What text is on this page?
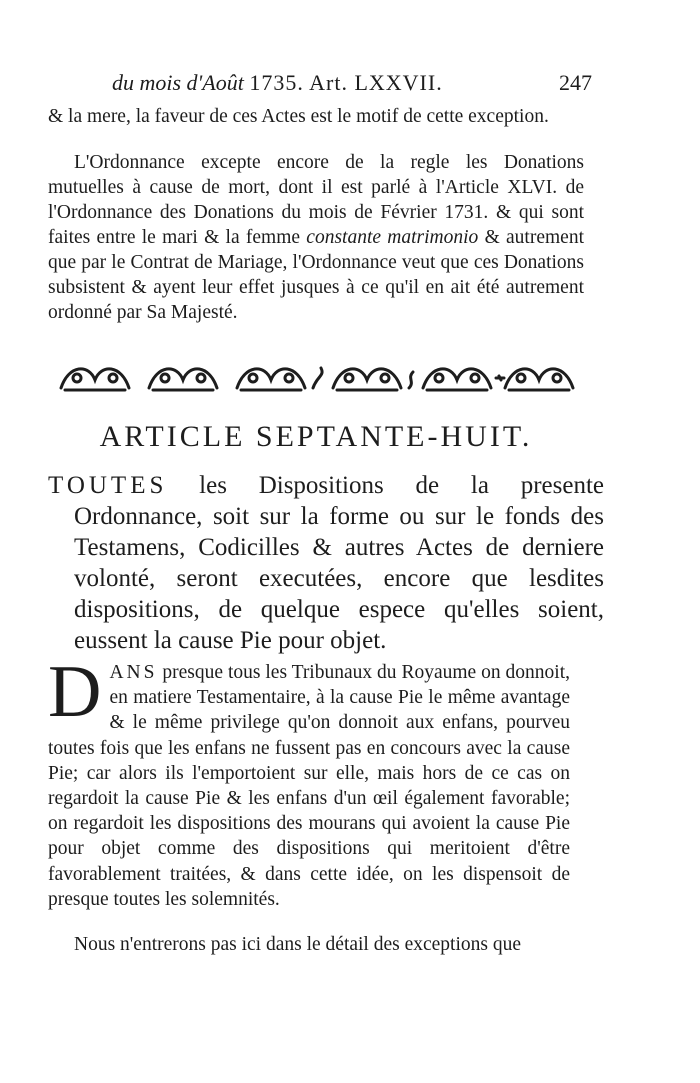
du mois d'Août 1735. Art. LXXVII.	247
& la mere, la faveur de ces Actes est le motif de cette exception.
L'Ordonnance excepte encore de la regle les Donations mutuelles à cause de mort, dont il est parlé à l'Article XLVI. de l'Ordonnance des Donations du mois de Février 1731. & qui sont faites entre le mari & la femme constante matrimonio & autrement que par le Contrat de Mariage, l'Ordonnance veut que ces Donations subsistent & ayent leur effet jusques à ce qu'il en ait été autrement ordonné par Sa Majesté.
ARTICLE SEPTANTE-HUIT.
TOUTES les Dispositions de la presente Ordonnance, soit sur la forme ou sur le fonds des Testamens, Codicilles & autres Actes de derniere volonté, seront executées, encore que lesdites dispositions, de quelque espece qu'elles soient, eussent la cause Pie pour objet.
DANS presque tous les Tribunaux du Royaume on donnoit, en matiere Testamentaire, à la cause Pie le même avantage & le même privilege qu'on donnoit aux enfans, pourveu toutes fois que les enfans ne fussent pas en concours avec la cause Pie; car alors ils l'emportoient sur elle, mais hors de ce cas on regardoit la cause Pie & les enfans d'un œil également favorable; on regardoit les dispositions des mourans qui avoient la cause Pie pour objet comme des dispositions qui meritoient d'être favorablement traitées, & dans cette idée, on les dispensoit de presque toutes les solemnités.
Nous n'entrerons pas ici dans le détail des exceptions que
